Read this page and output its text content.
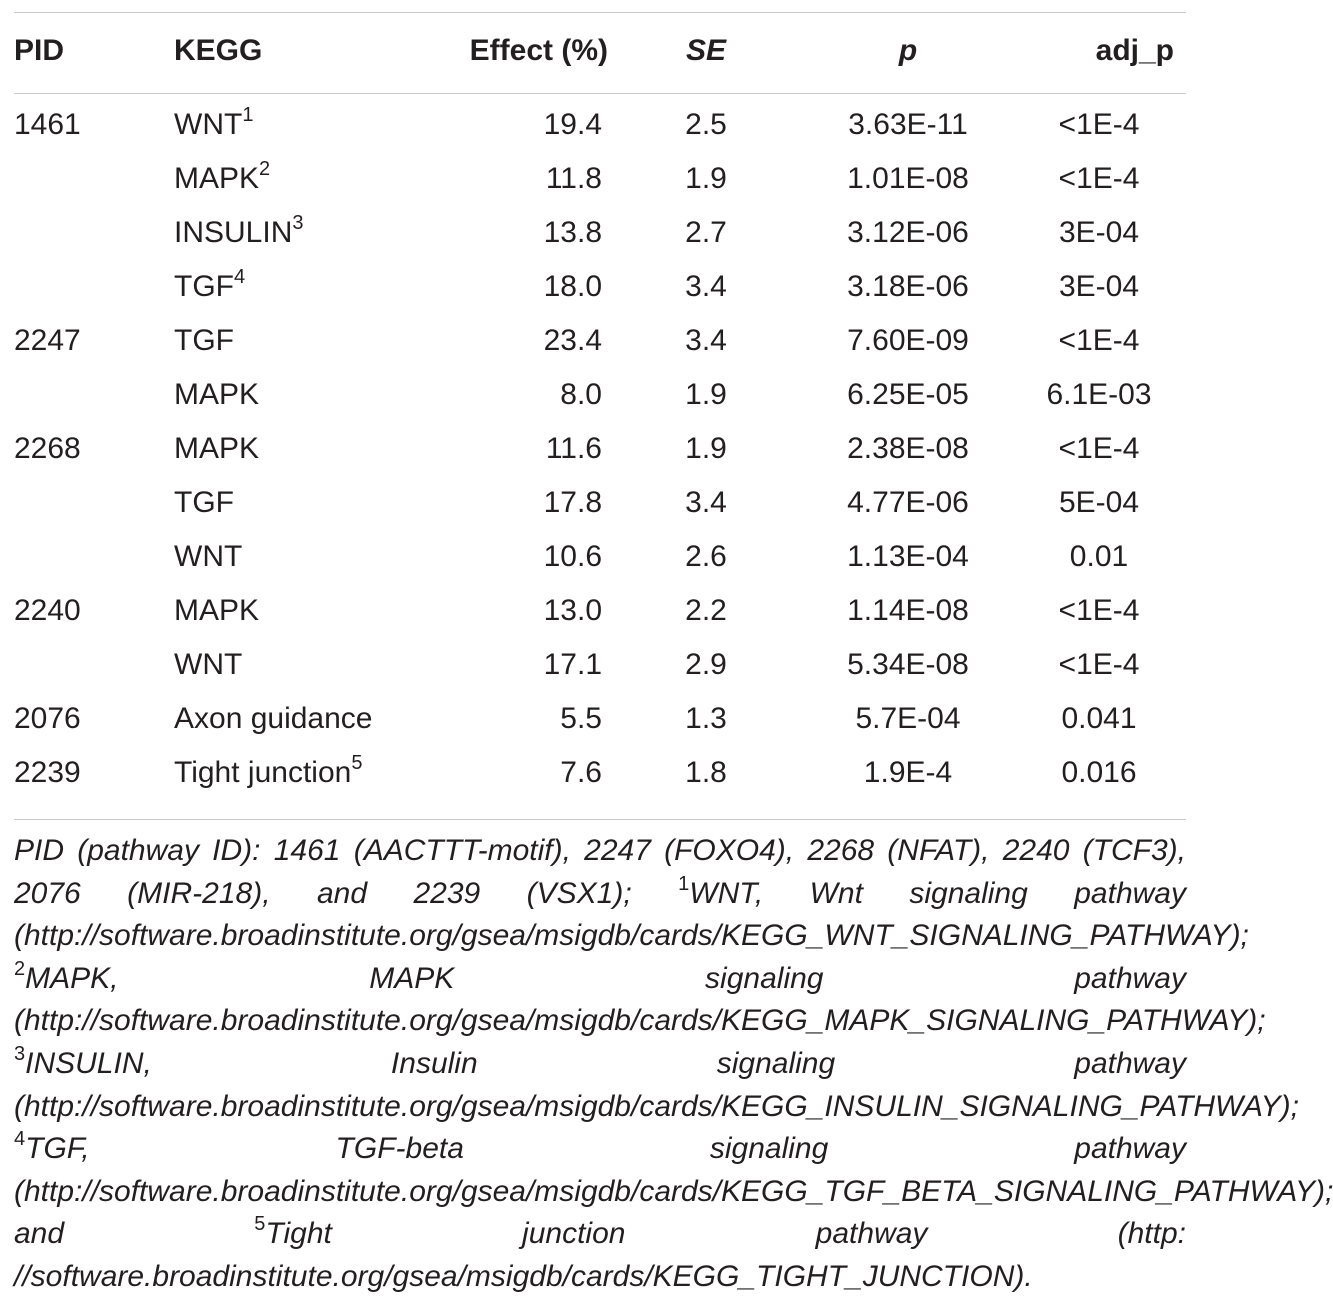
PID	KEGG	Effect (%)	SE	p	adj_p
1461	WNT$^1$	19.4	2.5	3.63E-11	<1E-4
	MAPK$^2$	11.8	1.9	1.01E-08	<1E-4
	INSULIN$^3$	13.8	2.7	3.12E-06	3E-04
	TGF$^4$	18.0	3.4	3.18E-06	3E-04
2247	TGF	23.4	3.4	7.60E-09	<1E-4
	MAPK	8.0	1.9	6.25E-05	6.1E-03
2268	MAPK	11.6	1.9	2.38E-08	<1E-4
	TGF	17.8	3.4	4.77E-06	5E-04
	WNT	10.6	2.6	1.13E-04	0.01
2240	MAPK	13.0	2.2	1.14E-08	<1E-4
	WNT	17.1	2.9	5.34E-08	<1E-4
2076	Axon guidance	5.5	1.3	5.7E-04	0.041
2239	Tight junction$^5$	7.6	1.8	1.9E-4	0.016
PID (pathway ID): 1461 (AACTTT-motif), 2247 (FOXO4), 2268 (NFAT), 2240 (TCF3), 2076 (MIR-218), and 2239 (VSX1); $^1$WNT, Wnt signaling pathway (http://software.broadinstitute.org/gsea/msigdb/cards/KEGG_WNT_SIGNALING_PATHWAY); $^2$MAPK, MAPK signaling pathway (http://software.broadinstitute.org/gsea/msigdb/cards/KEGG_MAPK_SIGNALING_PATHWAY); $^3$INSULIN, Insulin signaling pathway (http://software.broadinstitute.org/gsea/msigdb/cards/KEGG_INSULIN_SIGNALING_PATHWAY); $^4$TGF, TGF-beta signaling pathway (http://software.broadinstitute.org/gsea/msigdb/cards/KEGG_TGF_BETA_SIGNALING_PATHWAY); and $^5$Tight junction pathway (http: //software.broadinstitute.org/gsea/msigdb/cards/KEGG_TIGHT_JUNCTION).
